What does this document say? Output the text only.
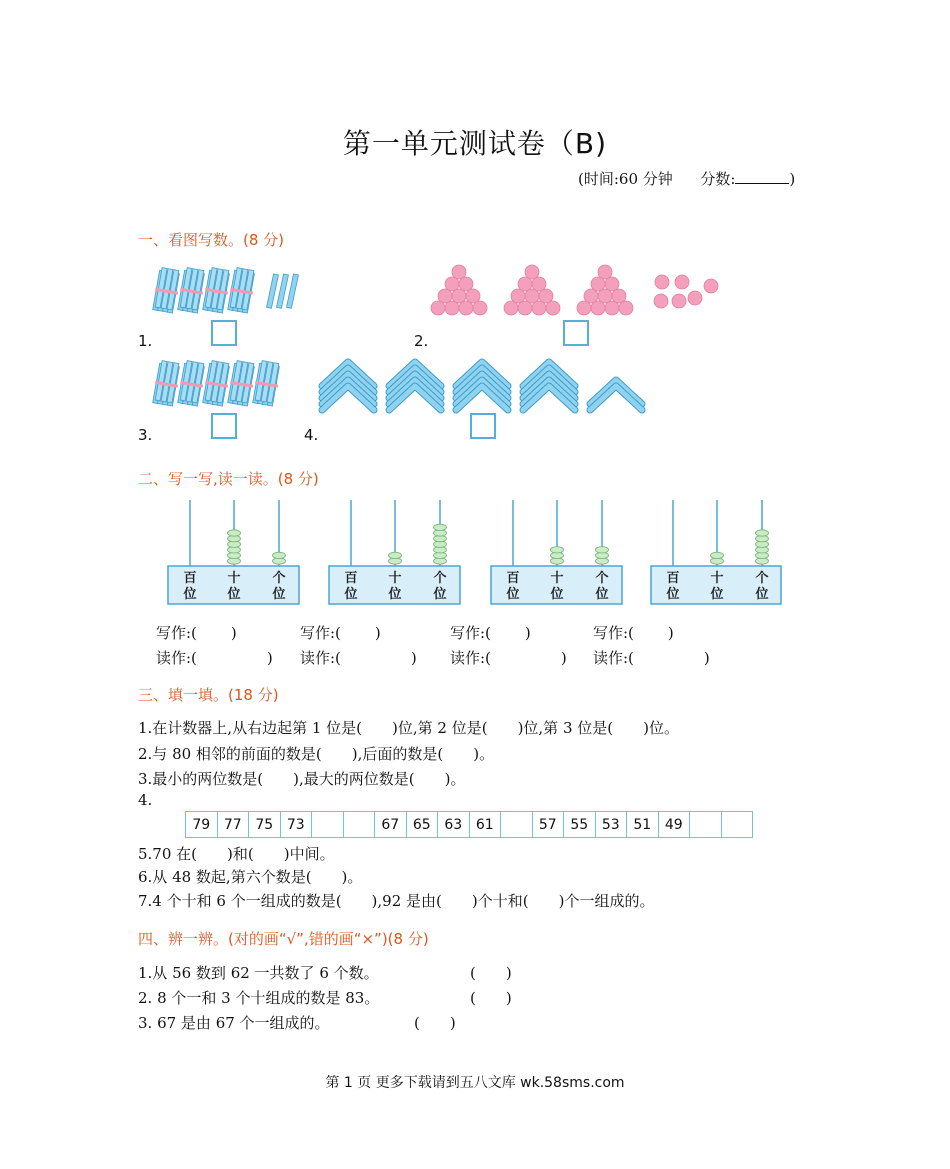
第一单元测试卷（B)
(时间:60 分钟 分数:	)
一、看图写数。(8 分)
1.	2.
3.	4.
二、写一写,读一读。(8 分)
百
位
十
位
个
位
百
位
十
位
个
位
百
位
十
位
个
位
百
位
十
位
个
位
写作:( )	写作:( )	写作:( )	写作:( )
读作:(	) 读作:(	) 读作:(	) 读作:(	)
三、填一填。(18 分)
1.在计数器上,从右边起第 1 位是(　　)位,第 2 位是(　　)位,第 3 位是(　　)位。
2.与 80 相邻的前面的数是(　　),后面的数是(　　)。
3.最小的两位数是(　　),最大的两位数是(　　)。
4.
79	77	75	73			67	65	63	61		57	55	53	51	49		
5.70 在(　　)和(　　)中间。
6.从 48 数起,第六个数是(　　)。
7.4 个十和 6 个一组成的数是(　　),92 是由(　　)个十和(　　)个一组成的。
四、辨一辨。(对的画“√”,错的画“×”)(8 分)
1.从 56 数到 62 一共数了 6 个数。	(　　)
2. 8 个一和 3 个十组成的数是 83。	(　　)
3. 67 是由 67 个一组成的。	(　　)
第 1 页 更多下载请到五八文库 wk.58sms.com
